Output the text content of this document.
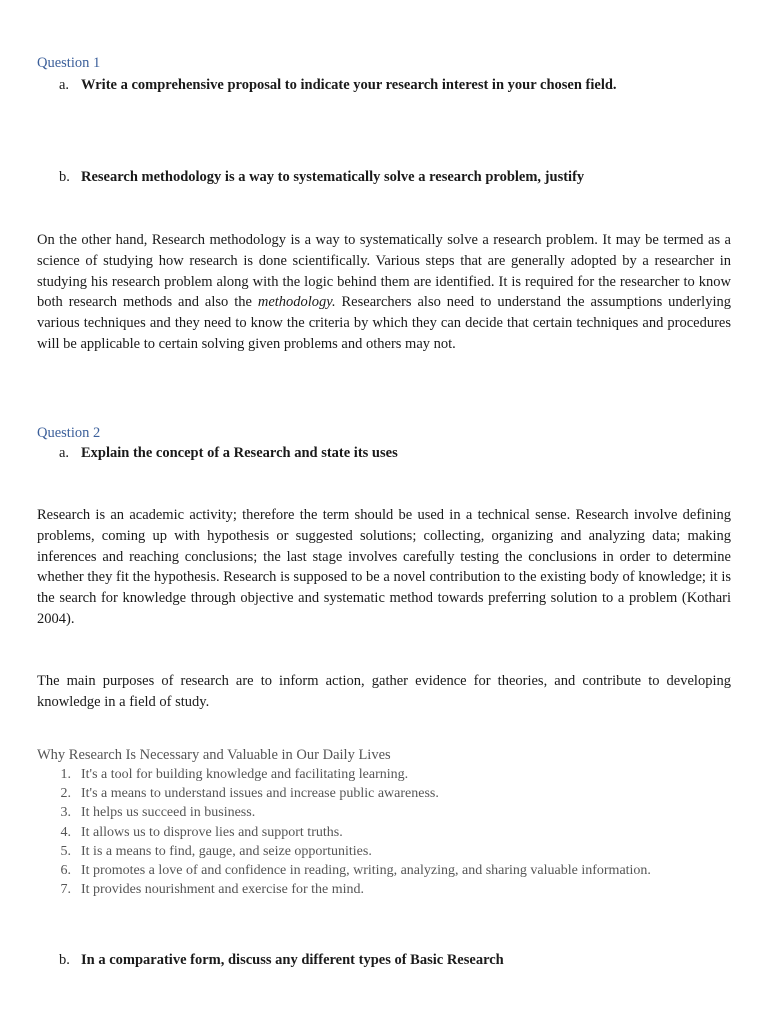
Question 1
a. Write a comprehensive proposal to indicate your research interest in your chosen field.
b. Research methodology is a way to systematically solve a research problem, justify

On the other hand, Research methodology is a way to systematically solve a research problem. It may be termed as a science of studying how research is done scientifically. Various steps that are generally adopted by a researcher in studying his research problem along with the logic behind them are identified. It is required for the researcher to know both research methods and also the methodology. Researchers also need to understand the assumptions underlying various techniques and they need to know the criteria by which they can decide that certain techniques and procedures will be applicable to certain solving given problems and others may not.

Question 2
a. Explain the concept of a Research and state its uses

Research is an academic activity; therefore the term should be used in a technical sense. Research involve defining problems, coming up with hypothesis or suggested solutions; collecting, organizing and analyzing data; making inferences and reaching conclusions; the last stage involves carefully testing the conclusions in order to determine whether they fit the hypothesis. Research is supposed to be a novel contribution to the existing body of knowledge; it is the search for knowledge through objective and systematic method towards preferring solution to a problem (Kothari 2004).

The main purposes of research are to inform action, gather evidence for theories, and contribute to developing knowledge in a field of study.

Why Research Is Necessary and Valuable in Our Daily Lives
1. It's a tool for building knowledge and facilitating learning.
2. It's a means to understand issues and increase public awareness.
3. It helps us succeed in business.
4. It allows us to disprove lies and support truths.
5. It is a means to find, gauge, and seize opportunities.
6. It promotes a love of and confidence in reading, writing, analyzing, and sharing valuable information.
7. It provides nourishment and exercise for the mind.
b. In a comparative form, discuss any different types of Basic Research
